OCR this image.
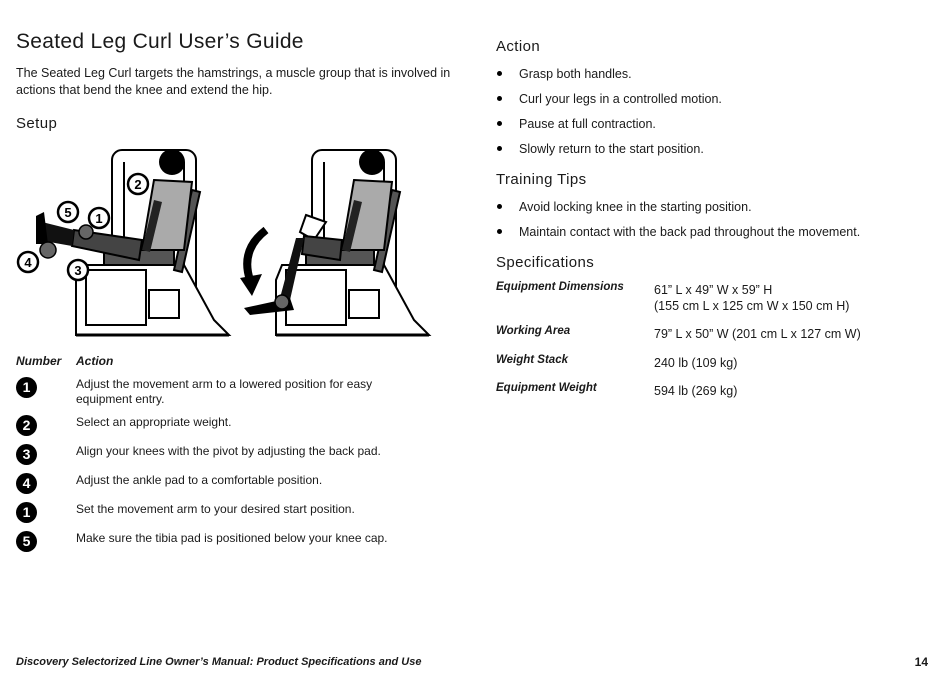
Seated Leg Curl User’s Guide

The Seated Leg Curl targets the hamstrings, a muscle group that is involved in actions that bend the knee and extend the hip.

Setup
2
5 1
4
3
Number Action
1	Adjust the movement arm to a lowered position for easy equipment entry.
2	Select an appropriate weight.
3	Align your knees with the pivot by adjusting the back pad.
4	Adjust the ankle pad to a comfortable position.
1	Set the movement arm to your desired start position.
5	Make sure the tibia pad is positioned below your knee cap.
Action
Grasp both handles.
Curl your legs in a controlled motion.
Pause at full contraction.
Slowly return to the start position.
Training Tips
Avoid locking knee in the starting position.
Maintain contact with the back pad throughout the movement.
Specifications
Equipment Dimensions 61” L x 49” W x 59” H
(155 cm L x 125 cm W x 150 cm H)
Working Area	79” L x 50” W (201 cm L x 127 cm W)
Weight Stack	240 lb (109 kg)
Equipment Weight	594 lb (269 kg)
Discovery Selectorized Line Owner’s Manual: Product Specifications and Use	14
